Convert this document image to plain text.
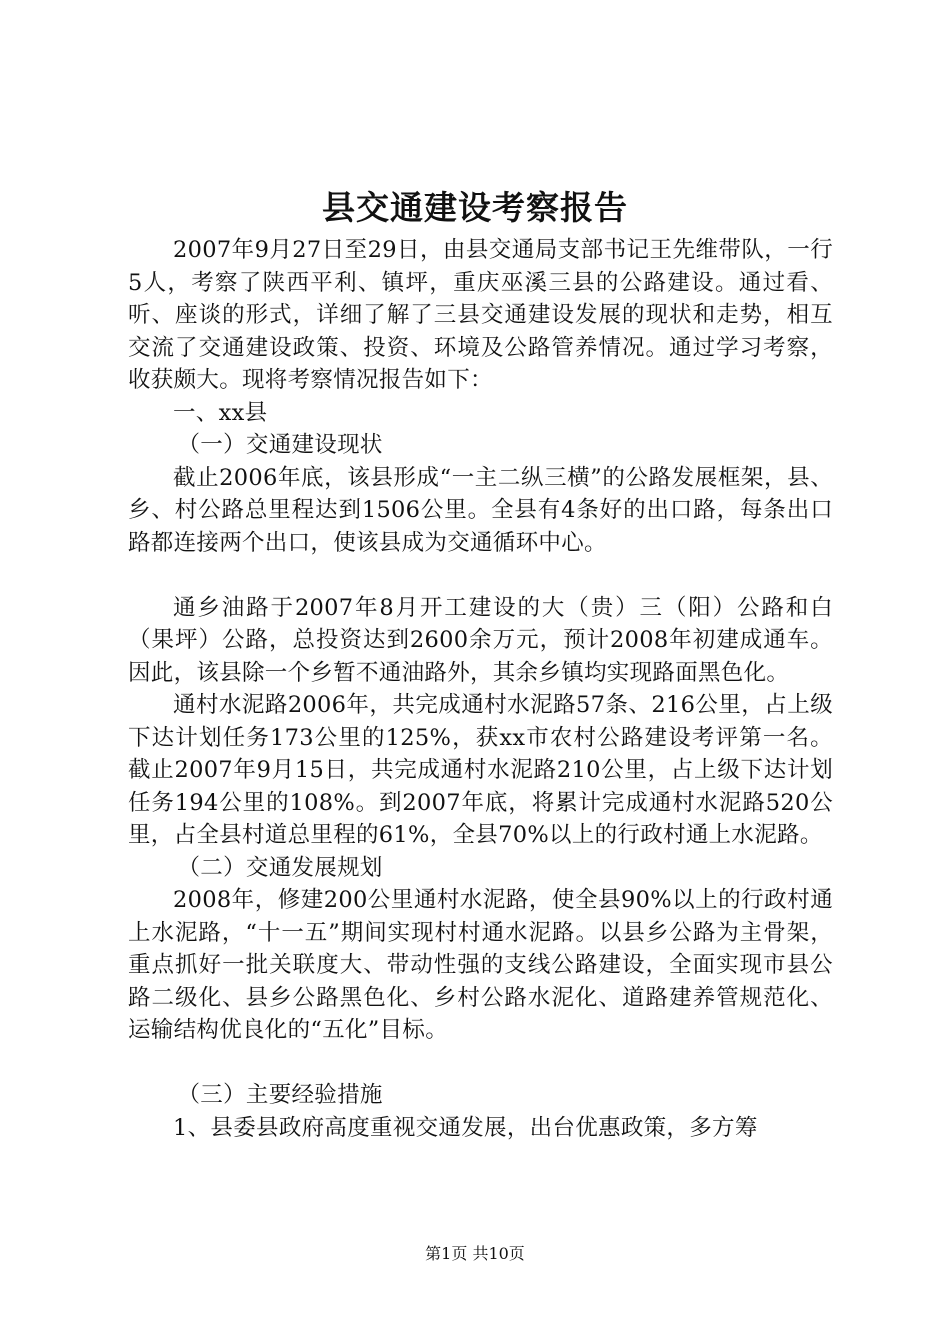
县交通建设考察报告

2007年9月27日至29日，由县交通局支部书记王先维带队，一行5人，考察了陕西平利、镇坪，重庆巫溪三县的公路建设。通过看、听、座谈的形式，详细了解了三县交通建设发展的现状和走势，相互交流了交通建设政策、投资、环境及公路管养情况。通过学习考察，收获颇大。现将考察情况报告如下：

一、xx县

（一）交通建设现状

截止2006年底，该县形成“一主二纵三横”的公路发展框架，县、乡、村公路总里程达到1506公里。全县有4条好的出口路，每条出口路都连接两个出口，使该县成为交通循环中心。

通乡油路于2007年8月开工建设的大（贵）三（阳）公路和白（果坪）公路，总投资达到2600余万元，预计2008年初建成通车。因此，该县除一个乡暂不通油路外，其余乡镇均实现路面黑色化。

通村水泥路2006年，共完成通村水泥路57条、216公里，占上级下达计划任务173公里的125%，获xx市农村公路建设考评第一名。截止2007年9月15日，共完成通村水泥路210公里，占上级下达计划任务194公里的108%。到2007年底，将累计完成通村水泥路520公里，占全县村道总里程的61%，全县70%以上的行政村通上水泥路。

（二）交通发展规划

2008年，修建200公里通村水泥路，使全县90%以上的行政村通上水泥路，“十一五”期间实现村村通水泥路。以县乡公路为主骨架，重点抓好一批关联度大、带动性强的支线公路建设，全面实现市县公路二级化、县乡公路黑色化、乡村公路水泥化、道路建养管规范化、运输结构优良化的“五化”目标。

（三）主要经验措施

1、县委县政府高度重视交通发展，出台优惠政策，多方筹

第1页 共10页
